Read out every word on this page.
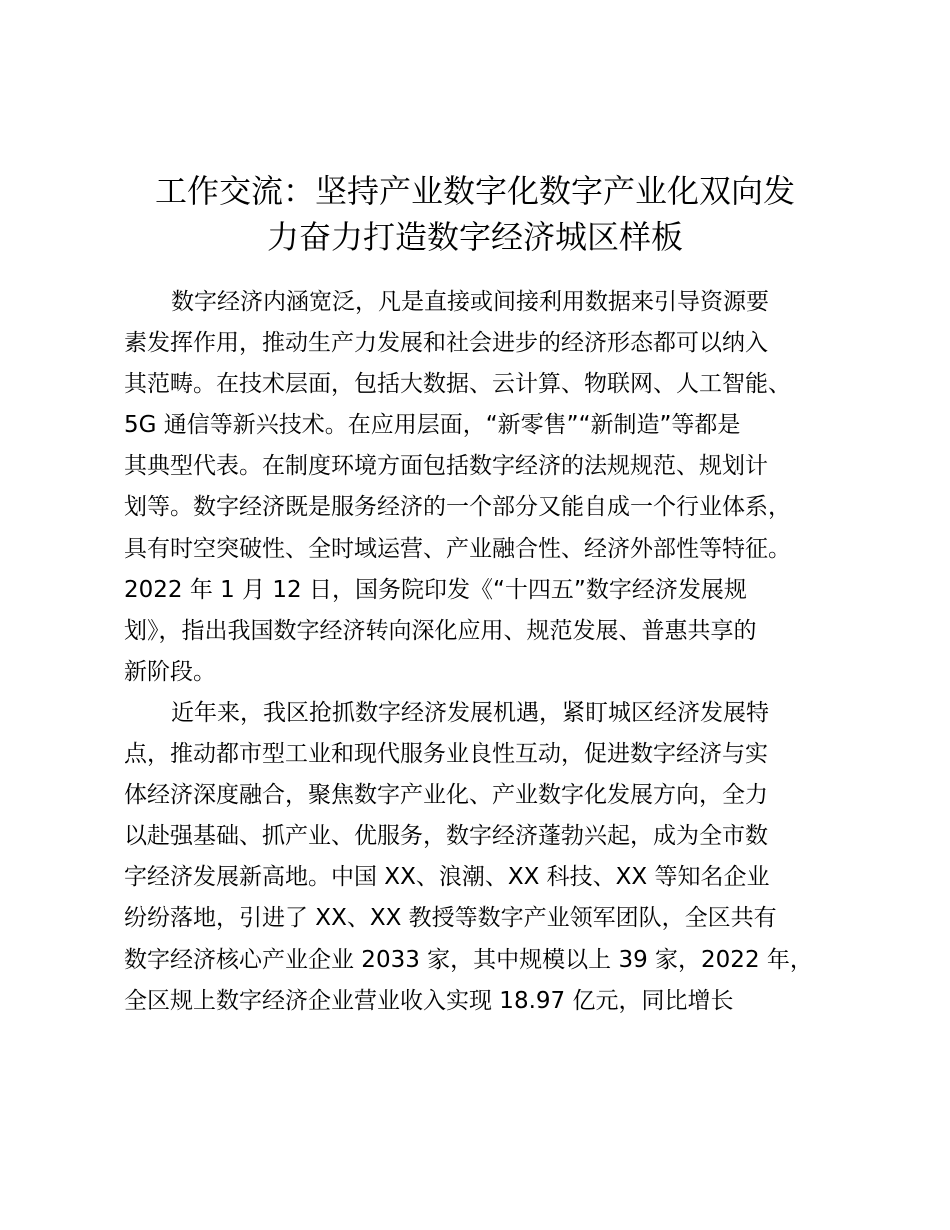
工作交流：坚持产业数字化数字产业化双向发
力奋力打造数字经济城区样板
数字经济内涵宽泛，凡是直接或间接利用数据来引导资源要
素发挥作用，推动生产力发展和社会进步的经济形态都可以纳入
其范畴。在技术层面，包括大数据、云计算、物联网、人工智能、
5G 通信等新兴技术。在应用层面，“新零售”“新制造”等都是
其典型代表。在制度环境方面包括数字经济的法规规范、规划计
划等。数字经济既是服务经济的一个部分又能自成一个行业体系，
具有时空突破性、全时域运营、产业融合性、经济外部性等特征。
2022 年 1 月 12 日，国务院印发《“十四五”数字经济发展规
划》，指出我国数字经济转向深化应用、规范发展、普惠共享的
新阶段。
近年来，我区抢抓数字经济发展机遇，紧盯城区经济发展特
点，推动都市型工业和现代服务业良性互动，促进数字经济与实
体经济深度融合，聚焦数字产业化、产业数字化发展方向，全力
以赴强基础、抓产业、优服务，数字经济蓬勃兴起，成为全市数
字经济发展新高地。中国 XX、浪潮、XX 科技、XX 等知名企业
纷纷落地，引进了 XX、XX 教授等数字产业领军团队，全区共有
数字经济核心产业企业 2033 家，其中规模以上 39 家，2022 年，
全区规上数字经济企业营业收入实现 18.97 亿元，同比增长
